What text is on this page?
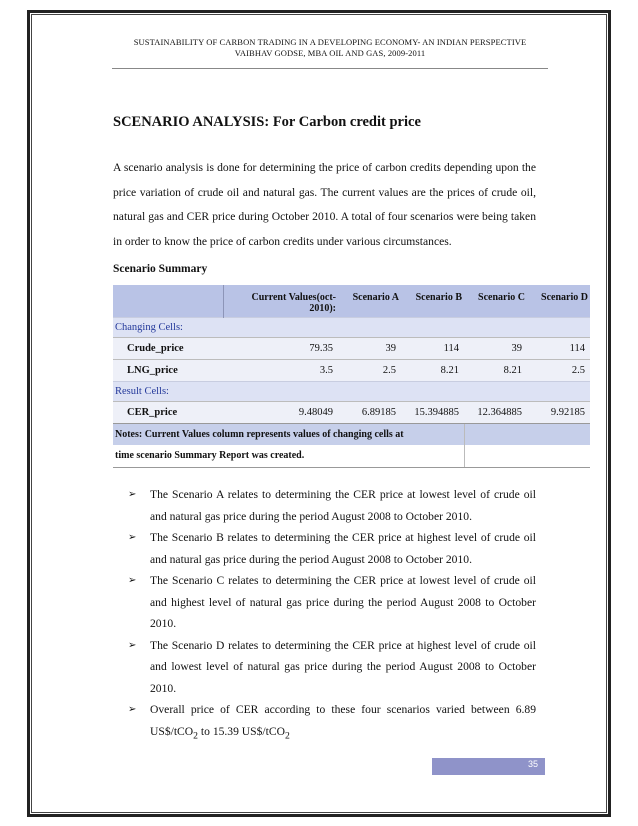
SUSTAINABILITY OF CARBON TRADING IN A DEVELOPING ECONOMY- AN INDIAN PERSPECTIVE
VAIBHAV GODSE, MBA OIL AND GAS, 2009-2011
SCENARIO ANALYSIS: For Carbon credit price
A scenario analysis is done for determining the price of carbon credits depending upon the price variation of crude oil and natural gas. The current values are the prices of crude oil, natural gas and CER price during October 2010. A total of four scenarios were being taken in order to know the price of carbon credits under various circumstances.
Scenario Summary
	Current Values(oct-2010):	Scenario A	Scenario B	Scenario C	Scenario D
Changing Cells:					
Crude_price	79.35	39	114	39	114
LNG_price	3.5	2.5	8.21	8.21	2.5
Result Cells:					
CER_price	9.48049	6.89185	15.394885	12.364885	9.92185
Notes: Current Values column represents values of changing cells at					
time scenario Summary Report was created.					
➢ The Scenario A relates to determining the CER price at lowest level of crude oil and natural gas price during the period August 2008 to October 2010.
➢ The Scenario B relates to determining the CER price at highest level of crude oil and natural gas price during the period August 2008 to October 2010.
➢ The Scenario C relates to determining the CER price at lowest level of crude oil and highest level of natural gas price during the period August 2008 to October 2010.
➢ The Scenario D relates to determining the CER price at highest level of crude oil and lowest level of natural gas price during the period August 2008 to October 2010.
➢ Overall price of CER according to these four scenarios varied between 6.89 US$/tCO$_2$ to 15.39 US$/tCO$_2$
35
